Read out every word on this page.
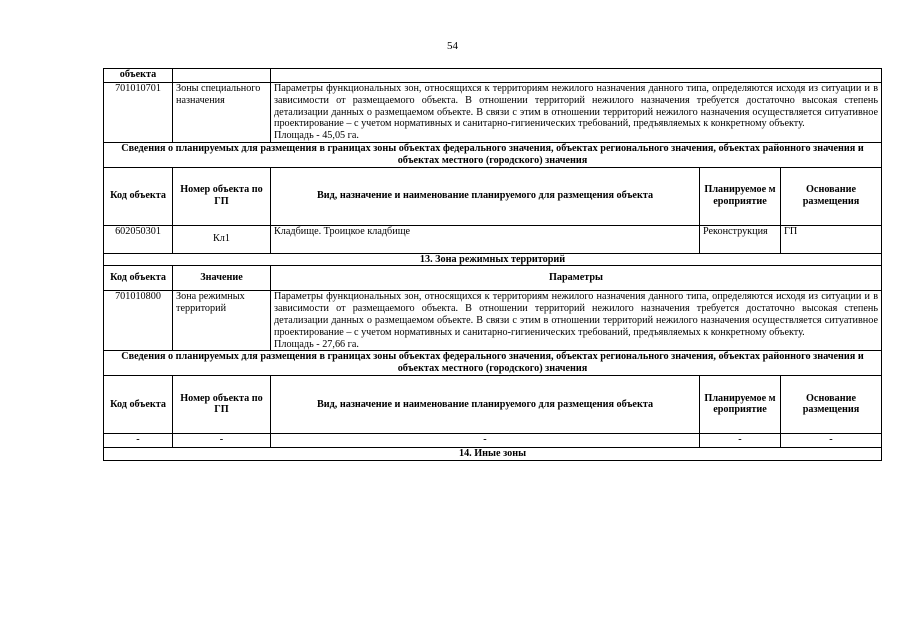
54
объекта				
701010701	Зоны специального назначения	Параметры функциональных зон, относящихся к территориям нежилого назначения данного типа, определяются исходя из ситуации и в зависимости от размещаемого объекта. В отношении территорий нежилого назначения требуется достаточно высокая степень детализации данных о размещаемом объекте. В связи с этим в отношении территорий нежилого назначения осуществляется ситуативное проектирование – с учетом нормативных и санитарно-гигиенических требований, предъявляемых к конкретному объекту.
Площадь - 45,05 га.		

Сведения о планируемых для размещения в границах зоны объектах федерального значения, объектах регионального значения, объектах районного значения и объектах местного (городского) значения				
Код объекта	Номер объекта по ГП	Вид, назначение и наименование планируемого для размещения объекта	Планируемое мероприятие	Основание размещения
602050301	Кл1	Кладбище. Троицкое кладбище	Реконструкция	ГП
13. Зона режимных территорий				
Код объекта	Значение	Параметры		
701010800	Зона режимных территорий	Параметры функциональных зон, относящихся к территориям нежилого назначения данного типа, определяются исходя из ситуации и в зависимости от размещаемого объекта. В отношении территорий нежилого назначения требуется достаточно высокая степень детализации данных о размещаемом объекте. В связи с этим в отношении территорий нежилого назначения осуществляется ситуативное проектирование – с учетом нормативных и санитарно-гигиенических требований, предъявляемых к конкретному объекту.
Площадь - 27,66 га.		

Сведения о планируемых для размещения в границах зоны объектах федерального значения, объектах регионального значения, объектах районного значения и объектах местного (городского) значения				
Код объекта	Номер объекта по ГП	Вид, назначение и наименование планируемого для размещения объекта	Планируемое мероприятие	Основание размещения
-	-	-	-	-
14. Иные зоны				
